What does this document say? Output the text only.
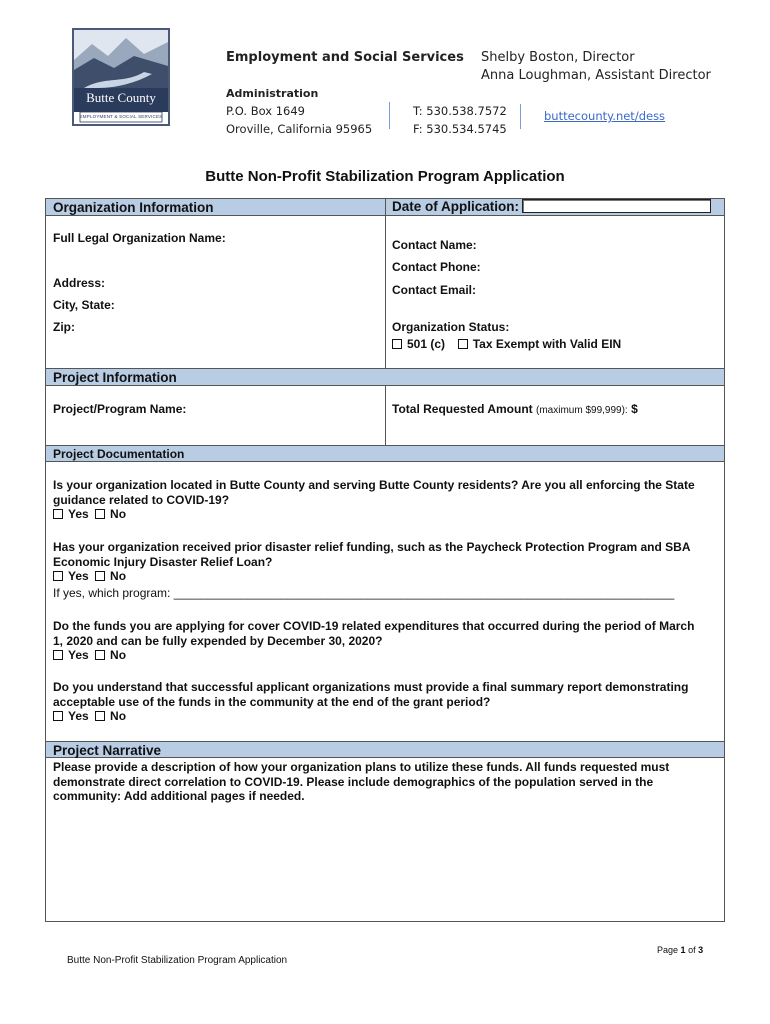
Butte County
EMPLOYMENT & SOCIAL SERVICES
Employment and Social Services
Administration
P.O. Box 1649
Oroville, California 95965
T: 530.538.7572
F: 530.534.5745
Shelby Boston, Director
Anna Loughman, Assistant Director
buttecounty.net/dess
Butte Non-Profit Stabilization Program Application
Organization Information	Date of Application:
Full Legal Organization Name:
Address:
City, State:
Zip:
Contact Name:
Contact Phone:
Contact Email:
Organization Status:
501 (c) Tax Exempt with Valid EIN
Project Information
Project/Program Name:	Total Requested Amount (maximum $99,999): $
Project Documentation
Is your organization located in Butte County and serving Butte County residents? Are you all enforcing the State guidance related to COVID-19?
Yes No
Has your organization received prior disaster relief funding, such as the Paycheck Protection Program and SBA Economic Injury Disaster Relief Loan?
Yes No
If yes, which program: ___________________________________________________________________________
Do the funds you are applying for cover COVID-19 related expenditures that occurred during the period of March 1, 2020 and can be fully expended by December 30, 2020?
Yes No
Do you understand that successful applicant organizations must provide a final summary report demonstrating acceptable use of the funds in the community at the end of the grant period?
Yes No
Project Narrative
Please provide a description of how your organization plans to utilize these funds. All funds requested must demonstrate direct correlation to COVID-19. Please include demographics of the population served in the community: Add additional pages if needed.
Page 1 of 3
Butte Non-Profit Stabilization Program Application
